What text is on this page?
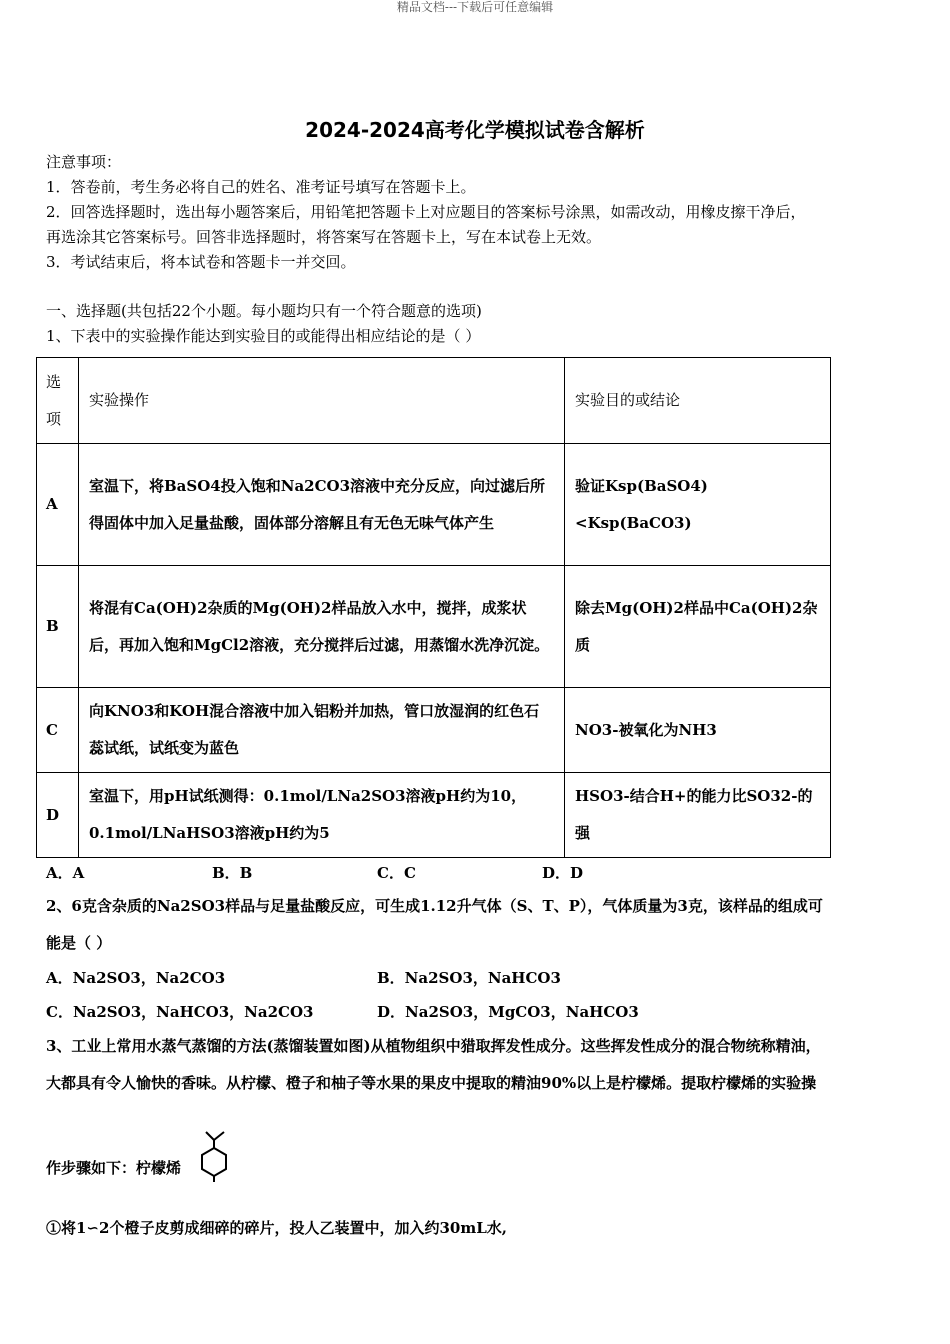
精品文档---下载后可任意编辑
2024-2024高考化学模拟试卷含解析
注意事项：
1．答卷前，考生务必将自己的姓名、准考证号填写在答题卡上。
2．回答选择题时，选出每小题答案后，用铅笔把答题卡上对应题目的答案标号涂黑，如需改动，用橡皮擦干净后，
再选涂其它答案标号。回答非选择题时，将答案写在答题卡上，写在本试卷上无效。
3．考试结束后，将本试卷和答题卡一并交回。
一、选择题(共包括22个小题。每小题均只有一个符合题意的选项)
1、下表中的实验操作能达到实验目的或能得出相应结论的是（ ）
选项	实验操作	实验目的或结论
A	室温下，将BaSO4投入饱和Na2CO3溶液中充分反应，向过滤后所得固体中加入足量盐酸，固体部分溶解且有无色无味气体产生	验证Ksp(BaSO4)<Ksp(BaCO3)
B	将混有Ca(OH)2杂质的Mg(OH)2样品放入水中，搅拌，成浆状后，再加入饱和MgCl2溶液，充分搅拌后过滤，用蒸馏水洗净沉淀。	除去Mg(OH)2样品中Ca(OH)2杂质
C	向KNO3和KOH混合溶液中加入铝粉并加热，管口放湿润的红色石蕊试纸，试纸变为蓝色	NO3-被氧化为NH3
D	室温下，用pH试纸测得：0.1mol/LNa2SO3溶液pH约为10，0.1mol/LNaHSO3溶液pH约为5	HSO3-结合H+的能力比SO32-的强
A．A	B．B	C．C	D．D
2、6克含杂质的Na2SO3样品与足量盐酸反应，可生成1.12升气体（S、T、P），气体质量为3克，该样品的组成可
能是（ ）
A．Na2SO3，Na2CO3	B．Na2SO3，NaHCO3
C．Na2SO3，NaHCO3，Na2CO3	D．Na2SO3，MgCO3，NaHCO3
3、工业上常用水蒸气蒸馏的方法(蒸馏装置如图)从植物组织中猎取挥发性成分。这些挥发性成分的混合物统称精油，
大都具有令人愉快的香味。从柠檬、橙子和柚子等水果的果皮中提取的精油90%以上是柠檬烯。提取柠檬烯的实验操
作步骤如下：柠檬烯
①将1∽2个橙子皮剪成细碎的碎片，投人乙装置中，加入约30mL水,
